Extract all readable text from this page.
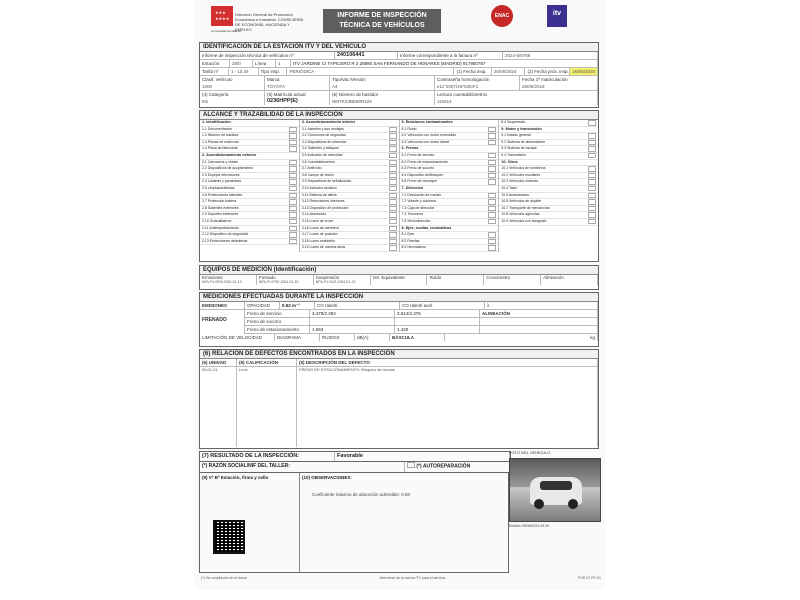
★★★
★★★★
Comunidad de Madrid
Dirección General de Promoción Económica e Industrial. CONSEJERÍA DE ECONOMÍA, HACIENDA Y EMPLEO
INFORME DE INSPECCIÓN
TÉCNICA DE VEHÍCULOS
ENAC	itv
IDENTIFICACIÓN DE LA ESTACIÓN ITV Y DEL VEHÍCULO
Informe de inspección técnica de vehículos nº:	240106441	Informe correspondiente a la factura nº	2024-5/5788
Estación	28/0	Línea	1	ITV JARDINE CI TAPICERO R 2 28890 SAN FERNANDO DE HENARES (MADRID) 917950787
Tarifa nº	1 - 10.34	Tipo insp.	PERIÓDICA	(1) Fecha insp.	26/05/2024	(2) Fecha próx. insp. 26/05/2025
Clasif. vehículo
1000
Marca
TOYOTA
Tipo/Var./Versión
A4
Contraseña homologación
e11*2007/46*0304*1
Fecha 1ª matriculación
26/05/2018
(4) Categoría
M1
(5) Matrícula actual
0236HPP(E)
(6) Número de bastidor
NMTKZ3BE80R229
Lectura cuentakilómetros
115614
ALCANCE Y TRAZABILIDAD DE LA INSPECCIÓN
1. Identificación
1.1 Documentación
1.2 Número de bastidor
1.3 Placas de matrícula
1.4 Placa de fabricante
2. Acondicionamiento exterior
2.1 Carrocería y chasis
2.2 Dispositivos de acoplamiento
2.3 Espejos retrovisores
2.4 Láminas y parabrisas
2.5 Limpiaparabrisas
2.6 Protecciones laterales
2.7 Protección trasera
2.8 Salientes exteriores
2.9 Soportes exteriores
2.10 Guardabarros
2.11 Antiempotramiento
2.12 Dispositivo de seguridad
2.13 Protecciones delanteras
3. Acondicionamiento interior
3.1 Asientos y sus anclajes
3.2 Cinturones de seguridad
3.3 Dispositivos de retención
3.4 Salientes y tabiques
3.5 Indicador de velocidad
3.6 Cuentakilómetros
3.7 Antirrobo
3.8 Campo de visión
3.9 Dispositivos de señalización
3.10 Avisador acústico
3.11 Sistema de alerta
3.12 Retrovisores interiores
3.13 Dispositivo de protección
3.14 Alumbrado
3.15 Luces de cruce
3.16 Luces de carretera
3.17 Luces de posición
3.18 Luces antiniebla
3.19 Luces de marcha atrás
5. Emisiones contaminantes
5.1 Ruido
5.2 Vehículos con motor encendido
5.3 Vehículos con motor diésel
6. Frenos
6.1 Freno de servicio
6.2 Freno de estacionamiento
6.3 Freno de socorro
6.4 Dispositivo antibloqueo
6.5 Freno de remolque
7. Dirección
7.1 Desviación de ruedas
7.2 Volante y columna
7.3 Caja de dirección
7.4 Timonería
7.5 Servodirección
8. Ejes, ruedas, neumáticos
8.1 Ejes
8.2 Ruedas
8.3 Neumáticos
8.4 Suspensión
9. Motor y transmisión
9.1 Estado general
9.2 Sistema de alimentación
9.3 Sistema de escape
9.4 Transmisión
10. Otros
10.1 Vehículos de bomberos
10.2 Vehículos escolares
10.3 Vehículos vivienda
10.4 Taxis
10.5 Ambulancias
10.6 Vehículos de alquiler
10.7 Transporte de mercancías
10.8 Vehículos agrícolas
10.9 Vehículos con tacógrafo
EQUIPOS DE MEDICIÓN (Identificación)
Emisiones
NPA-FV-OPA-2061.01-13
Frenado
NPA-FV-FRE-2061.01-15
Suspensión
NPA-FV-SUS-2061.01-13
Vel. Equivalente	Ruido	Cronómetro	Alineación
MEDICIONES EFECTUADAS DURANTE LA INSPECCIÓN
EMISIONES	OPACIDAD	0.52 m⁻¹	CO ralentí	CO ralentí acel.	λ
FRENADO
Freno de servicio	3.478/2.294	3.614/2.376	ALINEACIÓN
Freno de socorro
Freno de estacionamiento	1.563	1.420
LIMITACIÓN DE VELOCIDAD	DIAGRAMA	RUIDOS	dB(A)	BÁSCULA	kg
(6) RELACIÓN DE DEFECTOS ENCONTRADOS EN LA INSPECCIÓN
(6) UNIDAD	(9) CALIFICACIÓN	(6) DESCRIPCIÓN DEL DEFECTO
05.01.01	Leve	FRENO DE ESTACIONAMIENTO: Bloqueo de ruedas
(7) RESULTADO DE LA INSPECCIÓN:	Favorable
(*) RAZÓN SOCIAL/NIF DEL TALLER:	(*) AUTOREPARACIÓN
(9) Vº Bº Estación, firma y sello	(10) OBSERVACIONES:
Coeficiente máximo de absorción admisible: 0.50
(*) Ver ampliación en el dorso	Infórmese de la norma ITV para el servicio	PCE-07 FR-01
FOTO DEL VEHÍCULO
Emitido 29/05/2024 09:26
